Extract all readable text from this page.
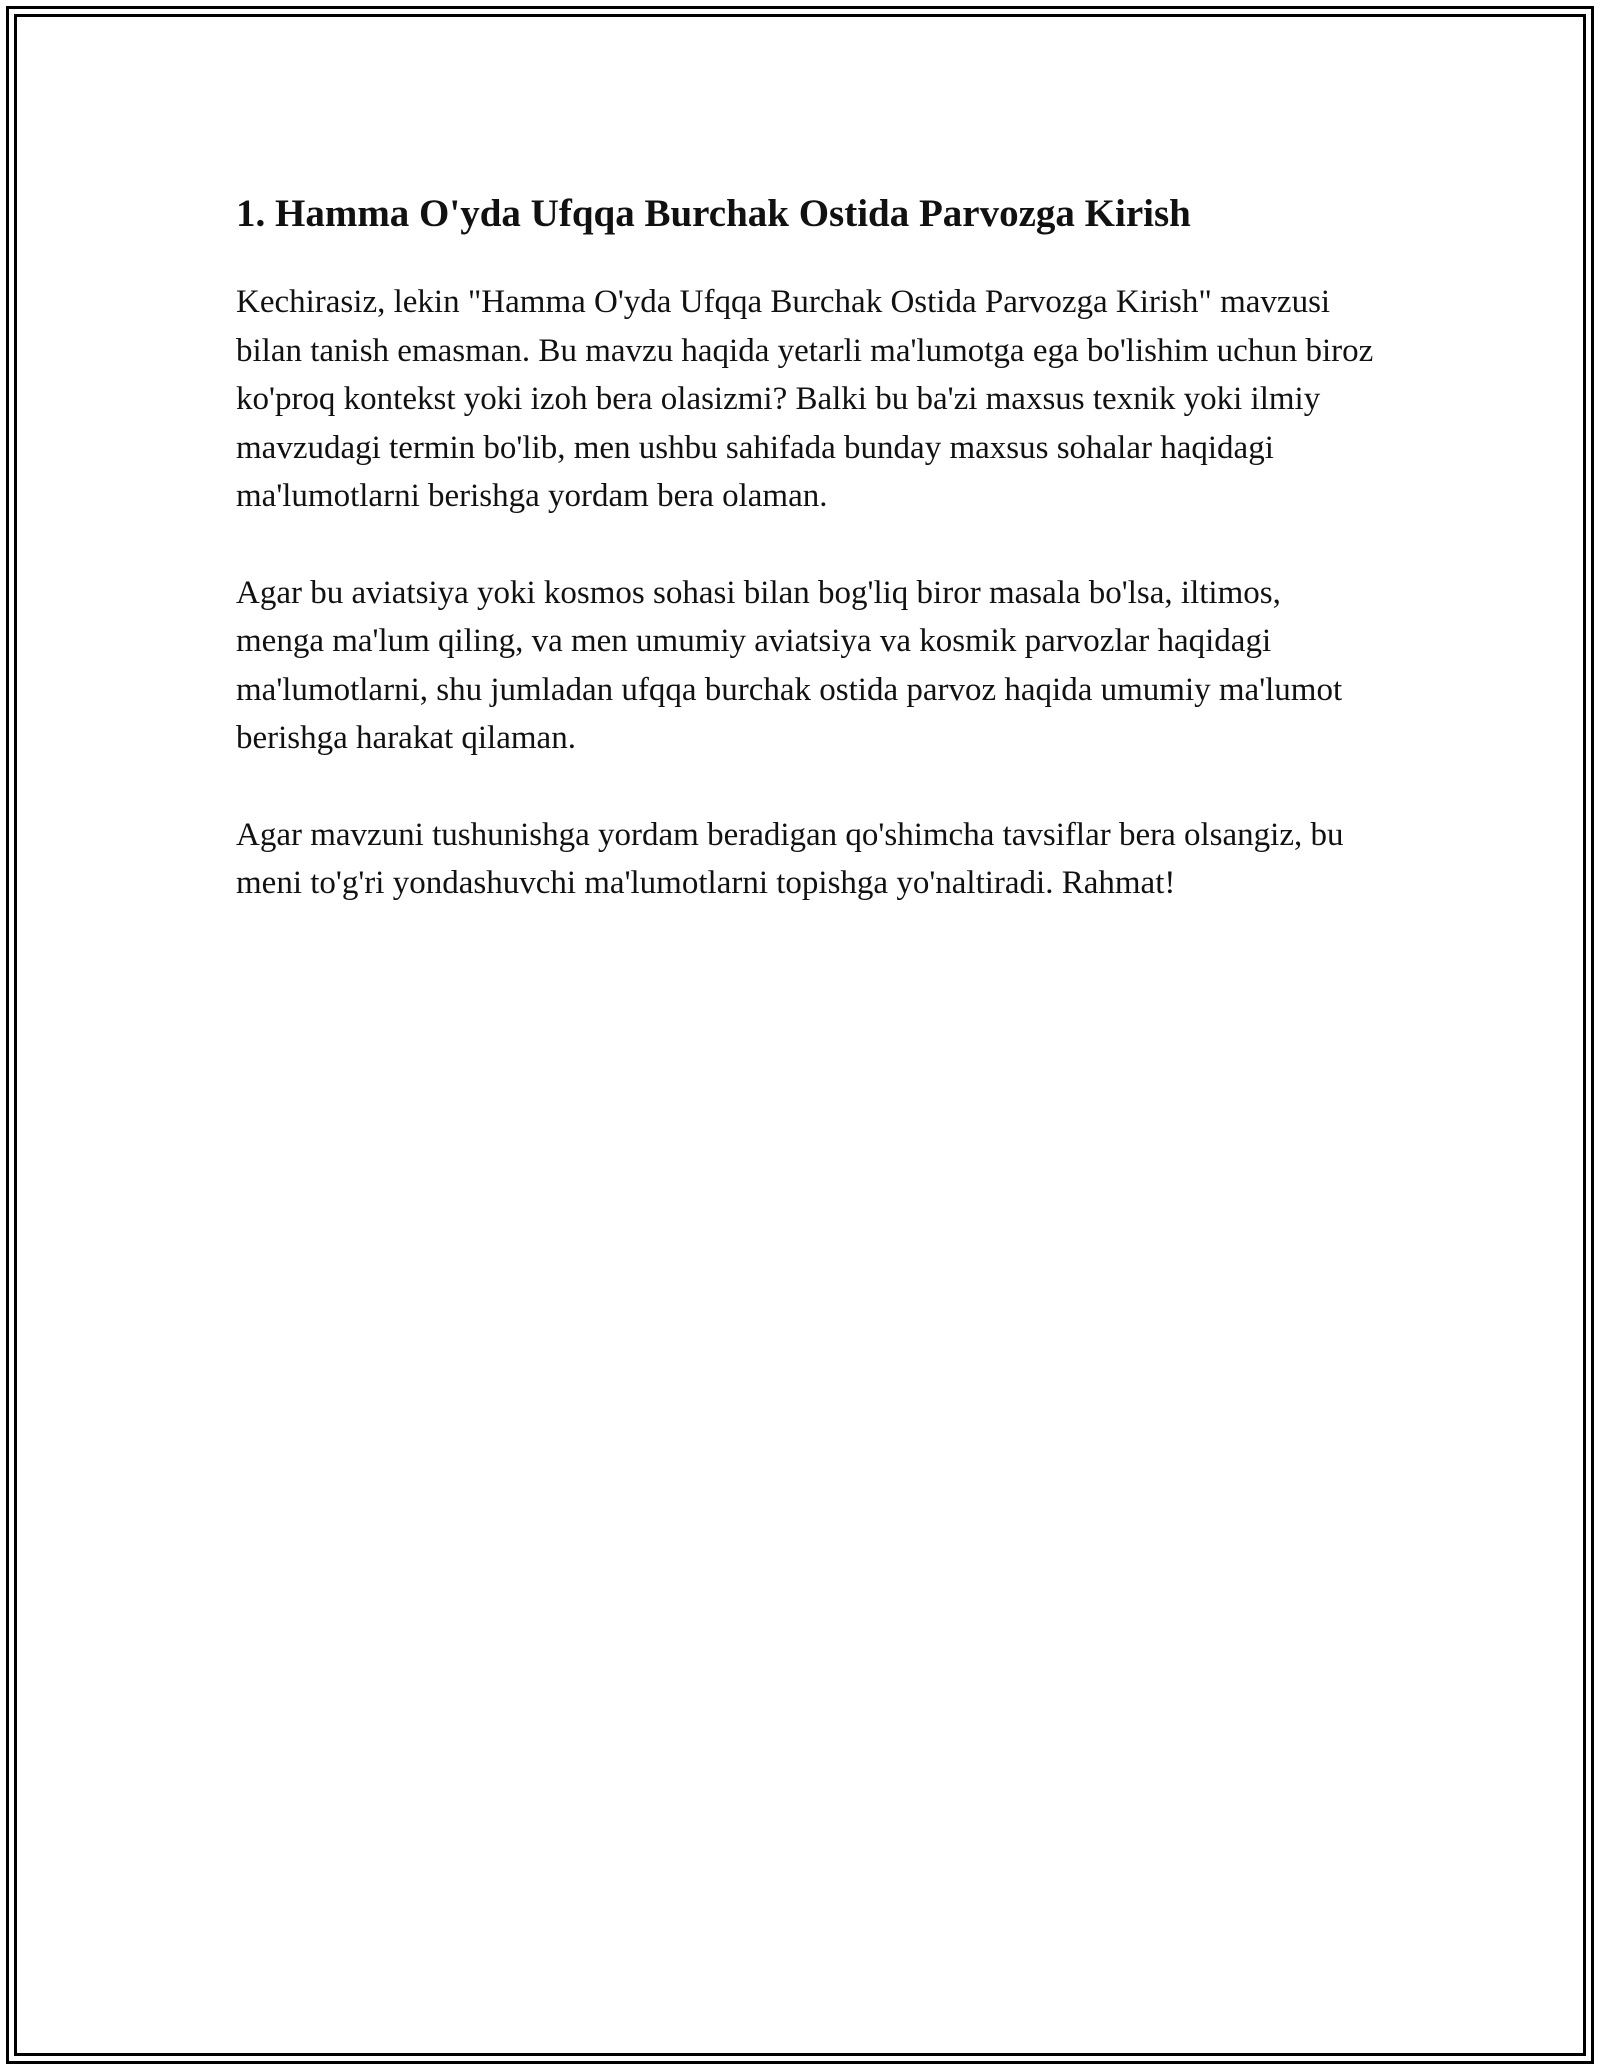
1. Hamma O'yda Ufqqa Burchak Ostida Parvozga Kirish

Kechirasiz, lekin "Hamma O'yda Ufqqa Burchak Ostida Parvozga Kirish" mavzusi bilan tanish emasman. Bu mavzu haqida yetarli ma'lumotga ega bo'lishim uchun biroz ko'proq kontekst yoki izoh bera olasizmi? Balki bu ba'zi maxsus texnik yoki ilmiy mavzudagi termin bo'lib, men ushbu sahifada bunday maxsus sohalar haqidagi ma'lumotlarni berishga yordam bera olaman.

Agar bu aviatsiya yoki kosmos sohasi bilan bog'liq biror masala bo'lsa, iltimos, menga ma'lum qiling, va men umumiy aviatsiya va kosmik parvozlar haqidagi ma'lumotlarni, shu jumladan ufqqa burchak ostida parvoz haqida umumiy ma'lumot berishga harakat qilaman.

Agar mavzuni tushunishga yordam beradigan qo'shimcha tavsiflar bera olsangiz, bu meni to'g'ri yondashuvchi ma'lumotlarni topishga yo'naltiradi. Rahmat!
